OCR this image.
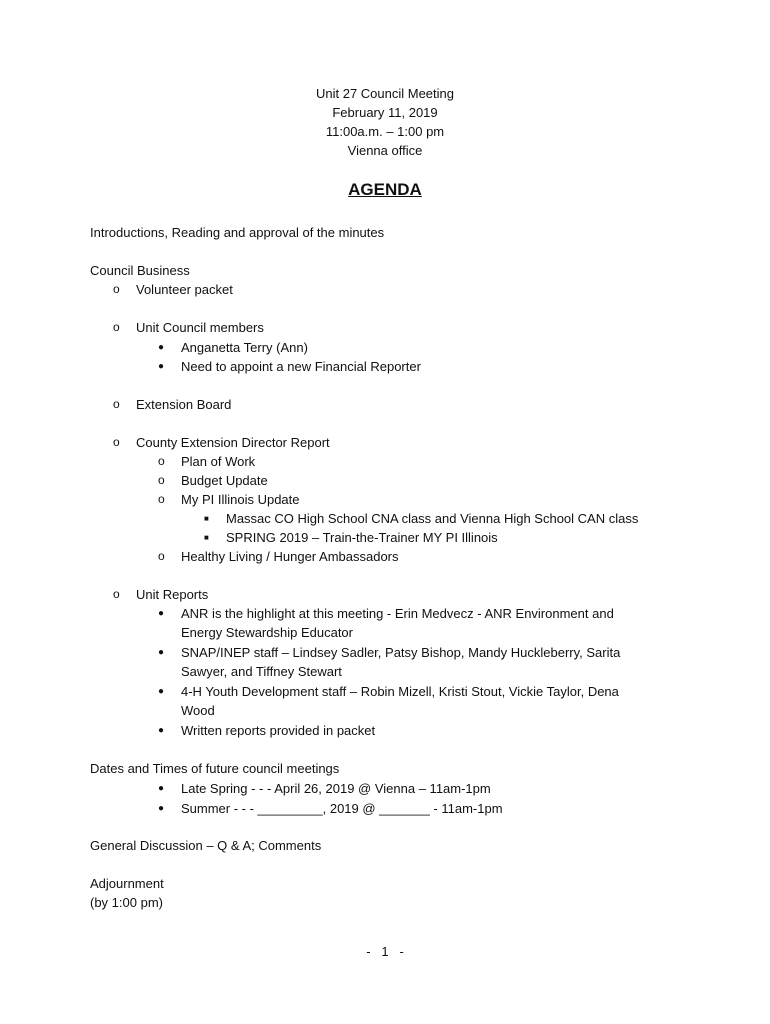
Unit 27 Council Meeting
February 11, 2019
11:00a.m. – 1:00 pm
Vienna office
AGENDA
Introductions, Reading and approval of the minutes
Council Business
o Volunteer packet
o Unit Council members
● Anganetta Terry (Ann)
● Need to appoint a new Financial Reporter
o Extension Board
o County Extension Director Report
o Plan of Work
o Budget Update
o My PI Illinois Update
■ Massac CO High School CNA class and Vienna High School CAN class
■ SPRING 2019 – Train-the-Trainer MY PI Illinois
o Healthy Living / Hunger Ambassadors
o Unit Reports
● ANR is the highlight at this meeting - Erin Medvecz - ANR Environment and
Energy Stewardship Educator
● SNAP/INEP staff – Lindsey Sadler, Patsy Bishop, Mandy Huckleberry, Sarita
Sawyer, and Tiffney Stewart
● 4-H Youth Development staff – Robin Mizell, Kristi Stout, Vickie Taylor, Dena
Wood
● Written reports provided in packet
Dates and Times of future council meetings
● Late Spring - - - April 26, 2019 @ Vienna – 11am-1pm
● Summer - - - _________, 2019 @ _______ - 11am-1pm
General Discussion – Q & A; Comments
Adjournment
(by 1:00 pm)
-   1   -
